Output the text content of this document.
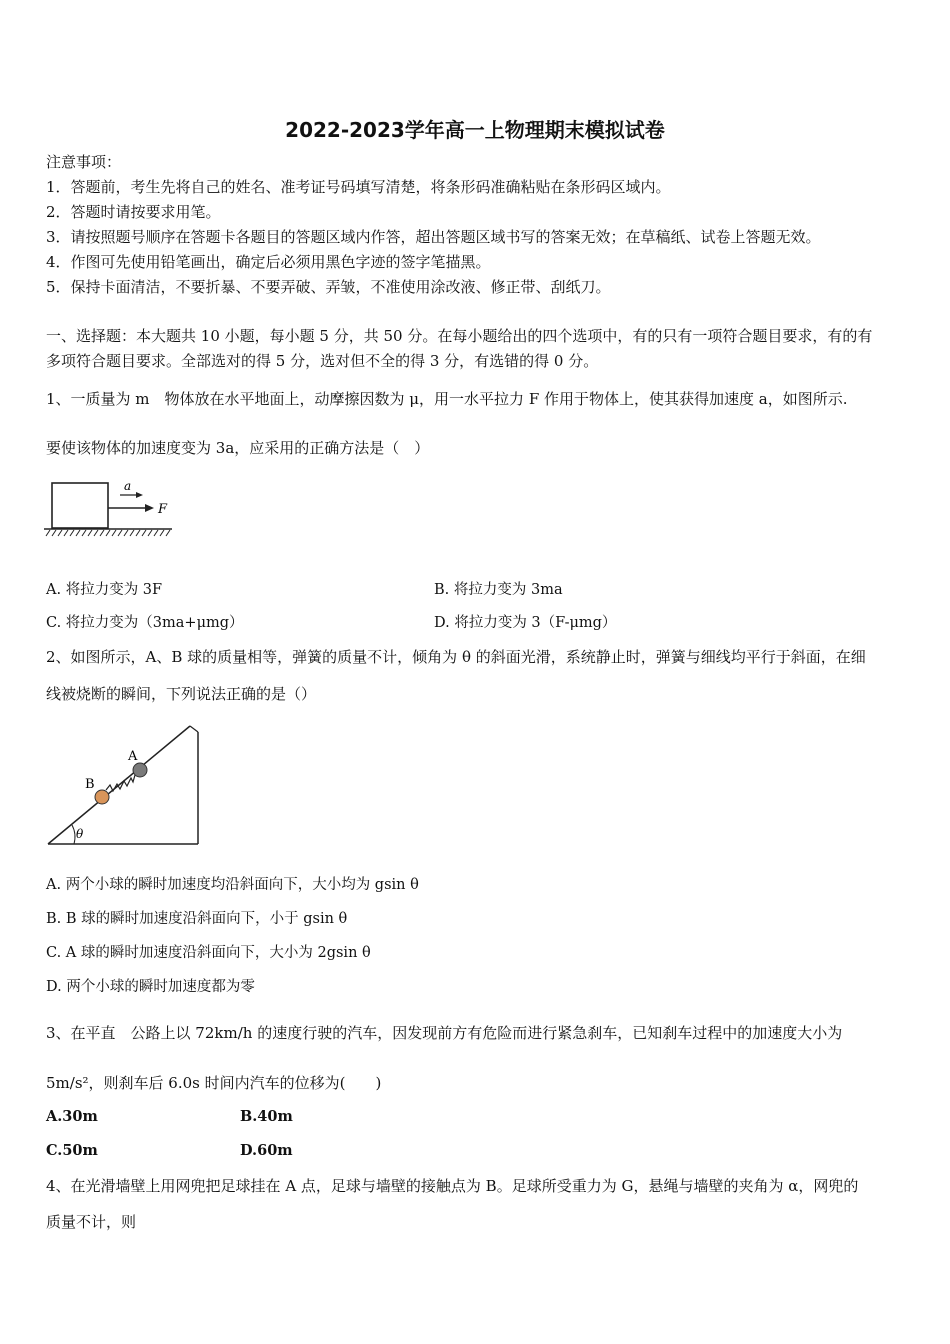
2022-2023学年高一上物理期末模拟试卷
注意事项：
1．答题前，考生先将自己的姓名、准考证号码填写清楚，将条形码准确粘贴在条形码区域内。
2．答题时请按要求用笔。
3．请按照题号顺序在答题卡各题目的答题区域内作答，超出答题区域书写的答案无效；在草稿纸、试卷上答题无效。
4．作图可先使用铅笔画出，确定后必须用黑色字迹的签字笔描黑。
5．保持卡面清洁，不要折暴、不要弄破、弄皱，不准使用涂改液、修正带、刮纸刀。
一、选择题：本大题共 10 小题，每小题 5 分，共 50 分。在每小题给出的四个选项中，有的只有一项符合题目要求，有的有
多项符合题目要求。全部选对的得 5 分，选对但不全的得 3 分，有选错的得 0 分。
1、一质量为 m　物体放在水平地面上，动摩擦因数为 μ，用一水平拉力 F 作用于物体上，使其获得加速度 a，如图所示.
要使该物体的加速度变为 3a，应采用的正确方法是（　）
a
F
A. 将拉力变为 3F	B. 将拉力变为 3ma
C. 将拉力变为（3ma+μmg）	D. 将拉力变为 3（F-μmg）
2、如图所示，A、B 球的质量相等，弹簧的质量不计，倾角为 θ 的斜面光滑，系统静止时，弹簧与细线均平行于斜面，在细
线被烧断的瞬间，下列说法正确的是（）
B
A
θ
A. 两个小球的瞬时加速度均沿斜面向下，大小均为 gsin θ
B. B 球的瞬时加速度沿斜面向下，小于 gsin θ
C. A 球的瞬时加速度沿斜面向下，大小为 2gsin θ
D. 两个小球的瞬时加速度都为零
3、在平直　公路上以 72km/h 的速度行驶的汽车，因发现前方有危险而进行紧急刹车，已知刹车过程中的加速度大小为
5m/s²，则刹车后 6.0s 时间内汽车的位移为(　　)
A.30m	B.40m
C.50m	D.60m
4、在光滑墙壁上用网兜把足球挂在 A 点，足球与墙壁的接触点为 B。足球所受重力为 G，悬绳与墙壁的夹角为 α，网兜的
质量不计，则
